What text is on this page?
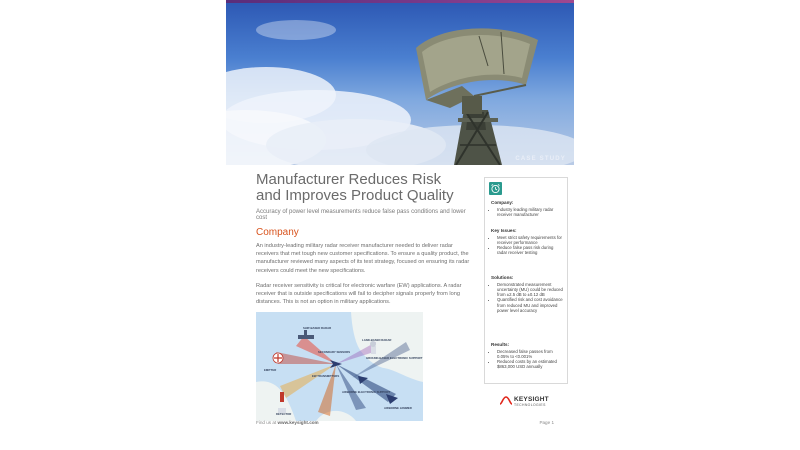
CASE STUDY
Manufacturer Reduces Risk and Improves Product Quality

Accuracy of power level measurements reduce false pass conditions and lower cost

Company

An industry-leading military radar receiver manufacturer needed to deliver radar receivers that met tough new customer specifications. To ensure a quality product, the manufacturer reviewed many aspects of its test strategy, focused on ensuring its radar receivers could meet the new specifications.

Radar receiver sensitivity is critical for electronic warfare (EW) applications. A radar receiver that is outside specifications will fail to decipher signals properly from long distances. This is not an option in military applications.

SHIP-BASED RADAR
LAND-BASED RADAR
GROUND-BASED ELECTRONIC SUPPORT
EW TRANSMITTERS
EMITTER
AIRBORNE ELECTRONIC SUPPORT
AIRBORNE JAMMER
DETECTOR
SECONDARY SENSORS

Company:

• Industry leading military radar receiver manufacturer

Key Issues:

• Meet strict safety requirements for receiver performance
• Reduce false pass risk during radar receiver testing

Solutions:

• Demonstrated measurement uncertainty (MU) could be reduced from ±2.5 dB to ±0.12 dB
• Quantified risk and cost avoidance from reduced MU and improved power level accuracy

Results:

• Decreased false passes from 0.05% to <0.001%
• Reduced costs by an estimated $863,000 USD annually
KEYSIGHT
TECHNOLOGIES
Find us at www.keysight.com	Page 1
